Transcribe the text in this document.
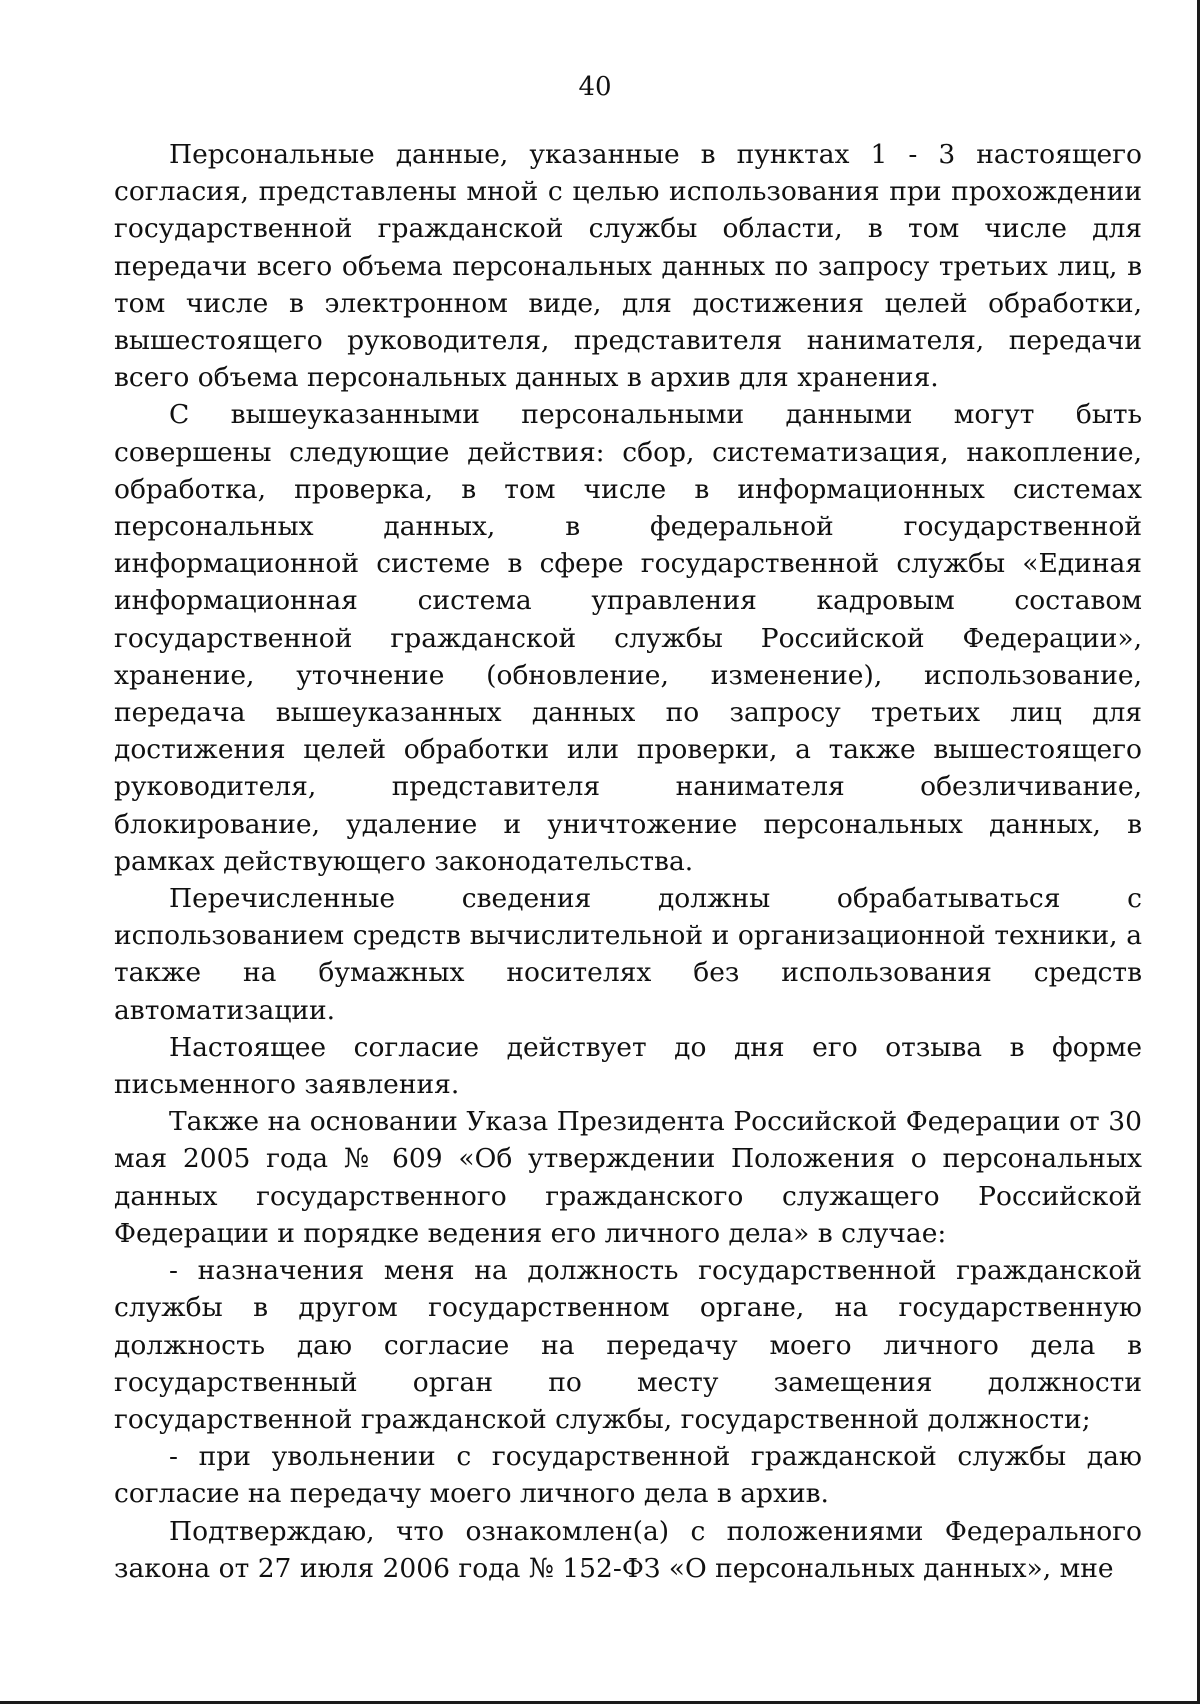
40

Персональные данные, указанные в пунктах 1 - 3 настоящего согласия, представлены мной с целью использования при прохождении государственной гражданской службы области, в том числе для передачи всего объема персональных данных по запросу третьих лиц, в том числе в электронном виде, для достижения целей обработки, вышестоящего руководителя, представителя нанимателя, передачи всего объема персональных данных в архив для хранения.

С вышеуказанными персональными данными могут быть совершены следующие действия: сбор, систематизация, накопление, обработка, проверка, в том числе в информационных системах персональных данных, в федеральной государственной информационной системе в сфере государственной службы «Единая информационная система управления кадровым составом государственной гражданской службы Российской Федерации», хранение, уточнение (обновление, изменение), использование, передача вышеуказанных данных по запросу третьих лиц для достижения целей обработки или проверки, а также вышестоящего руководителя, представителя нанимателя обезличивание, блокирование, удаление и уничтожение персональных данных, в рамках действующего законодательства.

Перечисленные сведения должны обрабатываться с использованием средств вычислительной и организационной техники, а также на бумажных носителях без использования средств автоматизации.

Настоящее согласие действует до дня его отзыва в форме письменного заявления.

Также на основании Указа Президента Российской Федерации от 30 мая 2005 года № 609 «Об утверждении Положения о персональных данных государственного гражданского служащего Российской Федерации и порядке ведения его личного дела» в случае:

- назначения меня на должность государственной гражданской службы в другом государственном органе, на государственную должность даю согласие на передачу моего личного дела в государственный орган по месту замещения должности государственной гражданской службы, государственной должности;

- при увольнении с государственной гражданской службы даю согласие на передачу моего личного дела в архив.

Подтверждаю, что ознакомлен(а) с положениями Федерального закона от 27 июля 2006 года № 152-ФЗ «О персональных данных», мне
